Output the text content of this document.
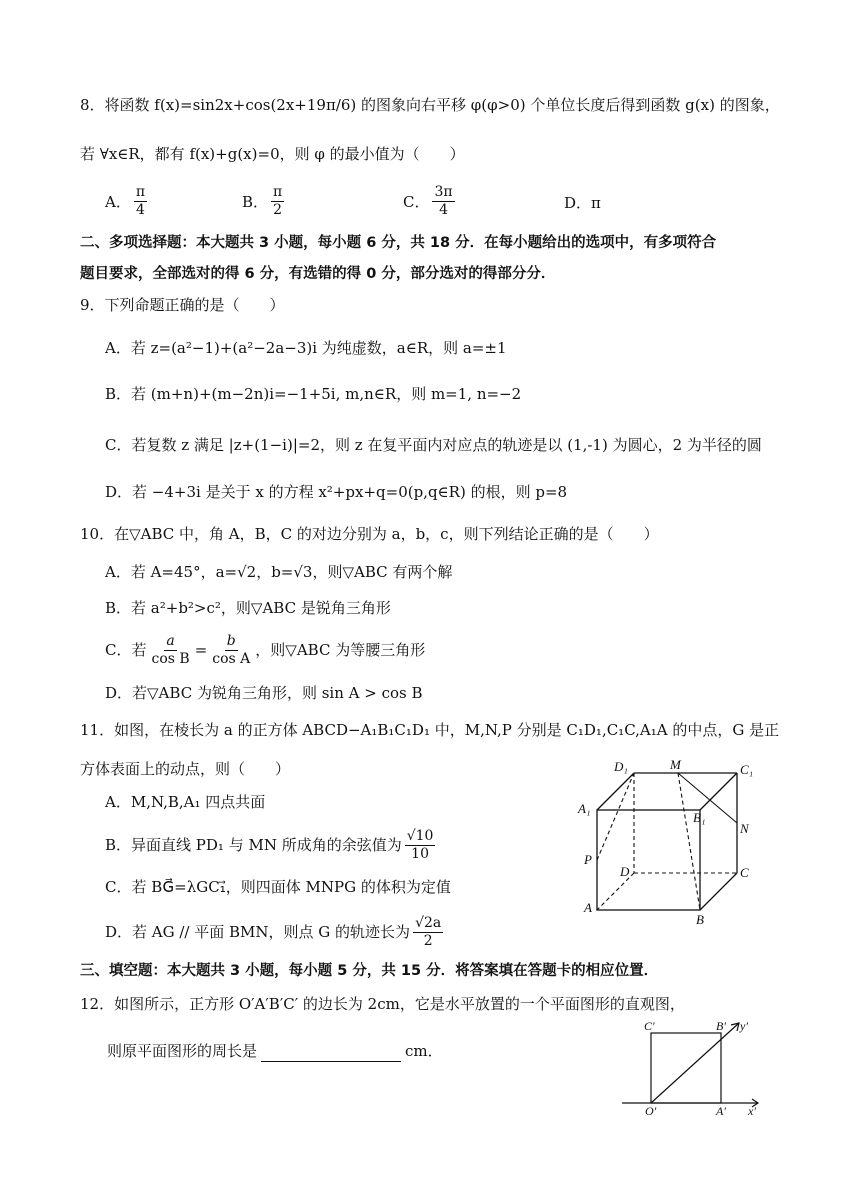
8．将函数 f(x)=sin2x+cos(2x+19π/6) 的图象向右平移 φ(φ>0) 个单位长度后得到函数 g(x) 的图象，
若 ∀x∈R，都有 f(x)+g(x)=0，则 φ 的最小值为（　　）
A． $\frac{\pi}{4}$	B． $\frac{\pi}{2}$	C． $\frac{3\pi}{4}$	D． π
二、多项选择题：本大题共 3 小题，每小题 6 分，共 18 分．在每小题给出的选项中，有多项符合
题目要求，全部选对的得 6 分，有选错的得 0 分，部分选对的得部分分．
9．下列命题正确的是（　　）
A．若 z=(a²−1)+(a²−2a−3)i 为纯虚数，a∈R，则 a=±1
B．若 (m+n)+(m−2n)i=−1+5i, m,n∈R，则 m=1, n=−2
C．若复数 z 满足 |z+(1−i)|=2，则 z 在复平面内对应点的轨迹是以 (1,-1) 为圆心，2 为半径的圆
D．若 −4+3i 是关于 x 的方程 x²+px+q=0(p,q∈R) 的根，则 p=8
10．在▽ABC 中，角 A，B，C 的对边分别为 a，b，c，则下列结论正确的是（　　）
A．若 A=45°，a=√2，b=√3，则▽ABC 有两个解
B．若 a²+b²>c²，则▽ABC 是锐角三角形
C．若 $\frac{a}{\text{cos B}} = \frac{b}{\text{cos A}}$ ，则▽ABC 为等腰三角形
D．若▽ABC 为锐角三角形，则 sin A > cos B
11．如图，在棱长为 a 的正方体 ABCD−A₁B₁C₁D₁ 中，M,N,P 分别是 C₁D₁,C₁C,A₁A 的中点，G 是正
方体表面上的动点，则（　　）
A．M,N,B,A₁ 四点共面
B．异面直线 PD₁ 与 MN 所成角的余弦值为 $\frac{√10}{10}$
C．若 BG⃗=λGC₁⃗，则四面体 MNPG 的体积为定值
D．若 AG // 平面 BMN，则点 G 的轨迹长为 $\frac{√2a}{2}$
D₁	M	C₁
A₁
B₁
N
P
D	C
A
B
三、填空题：本大题共 3 小题，每小题 5 分，共 15 分．将答案填在答题卡的相应位置．
12．如图所示，正方形 O′A′B′C′ 的边长为 2cm，它是水平放置的一个平面图形的直观图，
则原平面图形的周长是	cm．
C′	B′ y′
O′	A′ x′
